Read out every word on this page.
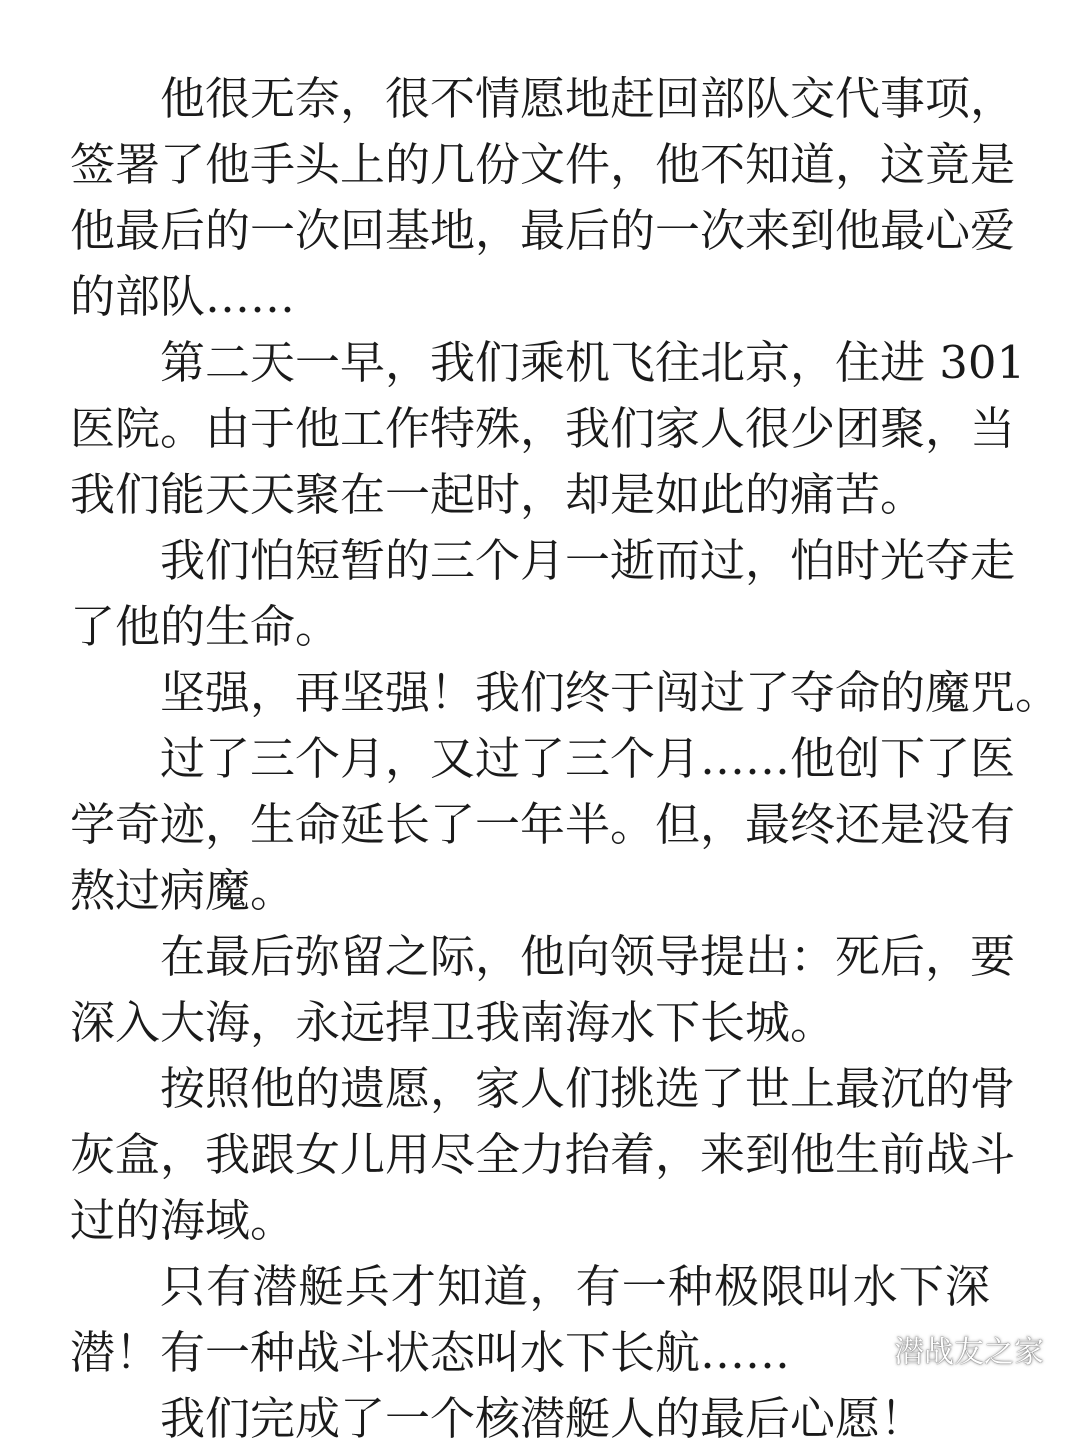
他很无奈，很不情愿地赶回部队交代事项，
签署了他手头上的几份文件，他不知道，这竟是
他最后的一次回基地，最后的一次来到他最心爱
的部队……
第二天一早，我们乘机飞往北京，住进 301
医院。由于他工作特殊，我们家人很少团聚，当
我们能天天聚在一起时，却是如此的痛苦。
我们怕短暂的三个月一逝而过，怕时光夺走
了他的生命。
坚强，再坚强！我们终于闯过了夺命的魔咒。
过了三个月，又过了三个月……他创下了医
学奇迹，生命延长了一年半。但，最终还是没有
熬过病魔。
在最后弥留之际，他向领导提出：死后，要
深入大海，永远捍卫我南海水下长城。
按照他的遗愿，家人们挑选了世上最沉的骨
灰盒，我跟女儿用尽全力抬着，来到他生前战斗
过的海域。
只有潜艇兵才知道，有一种极限叫水下深
潜！有一种战斗状态叫水下长航……
我们完成了一个核潜艇人的最后心愿！
潜战友之家
